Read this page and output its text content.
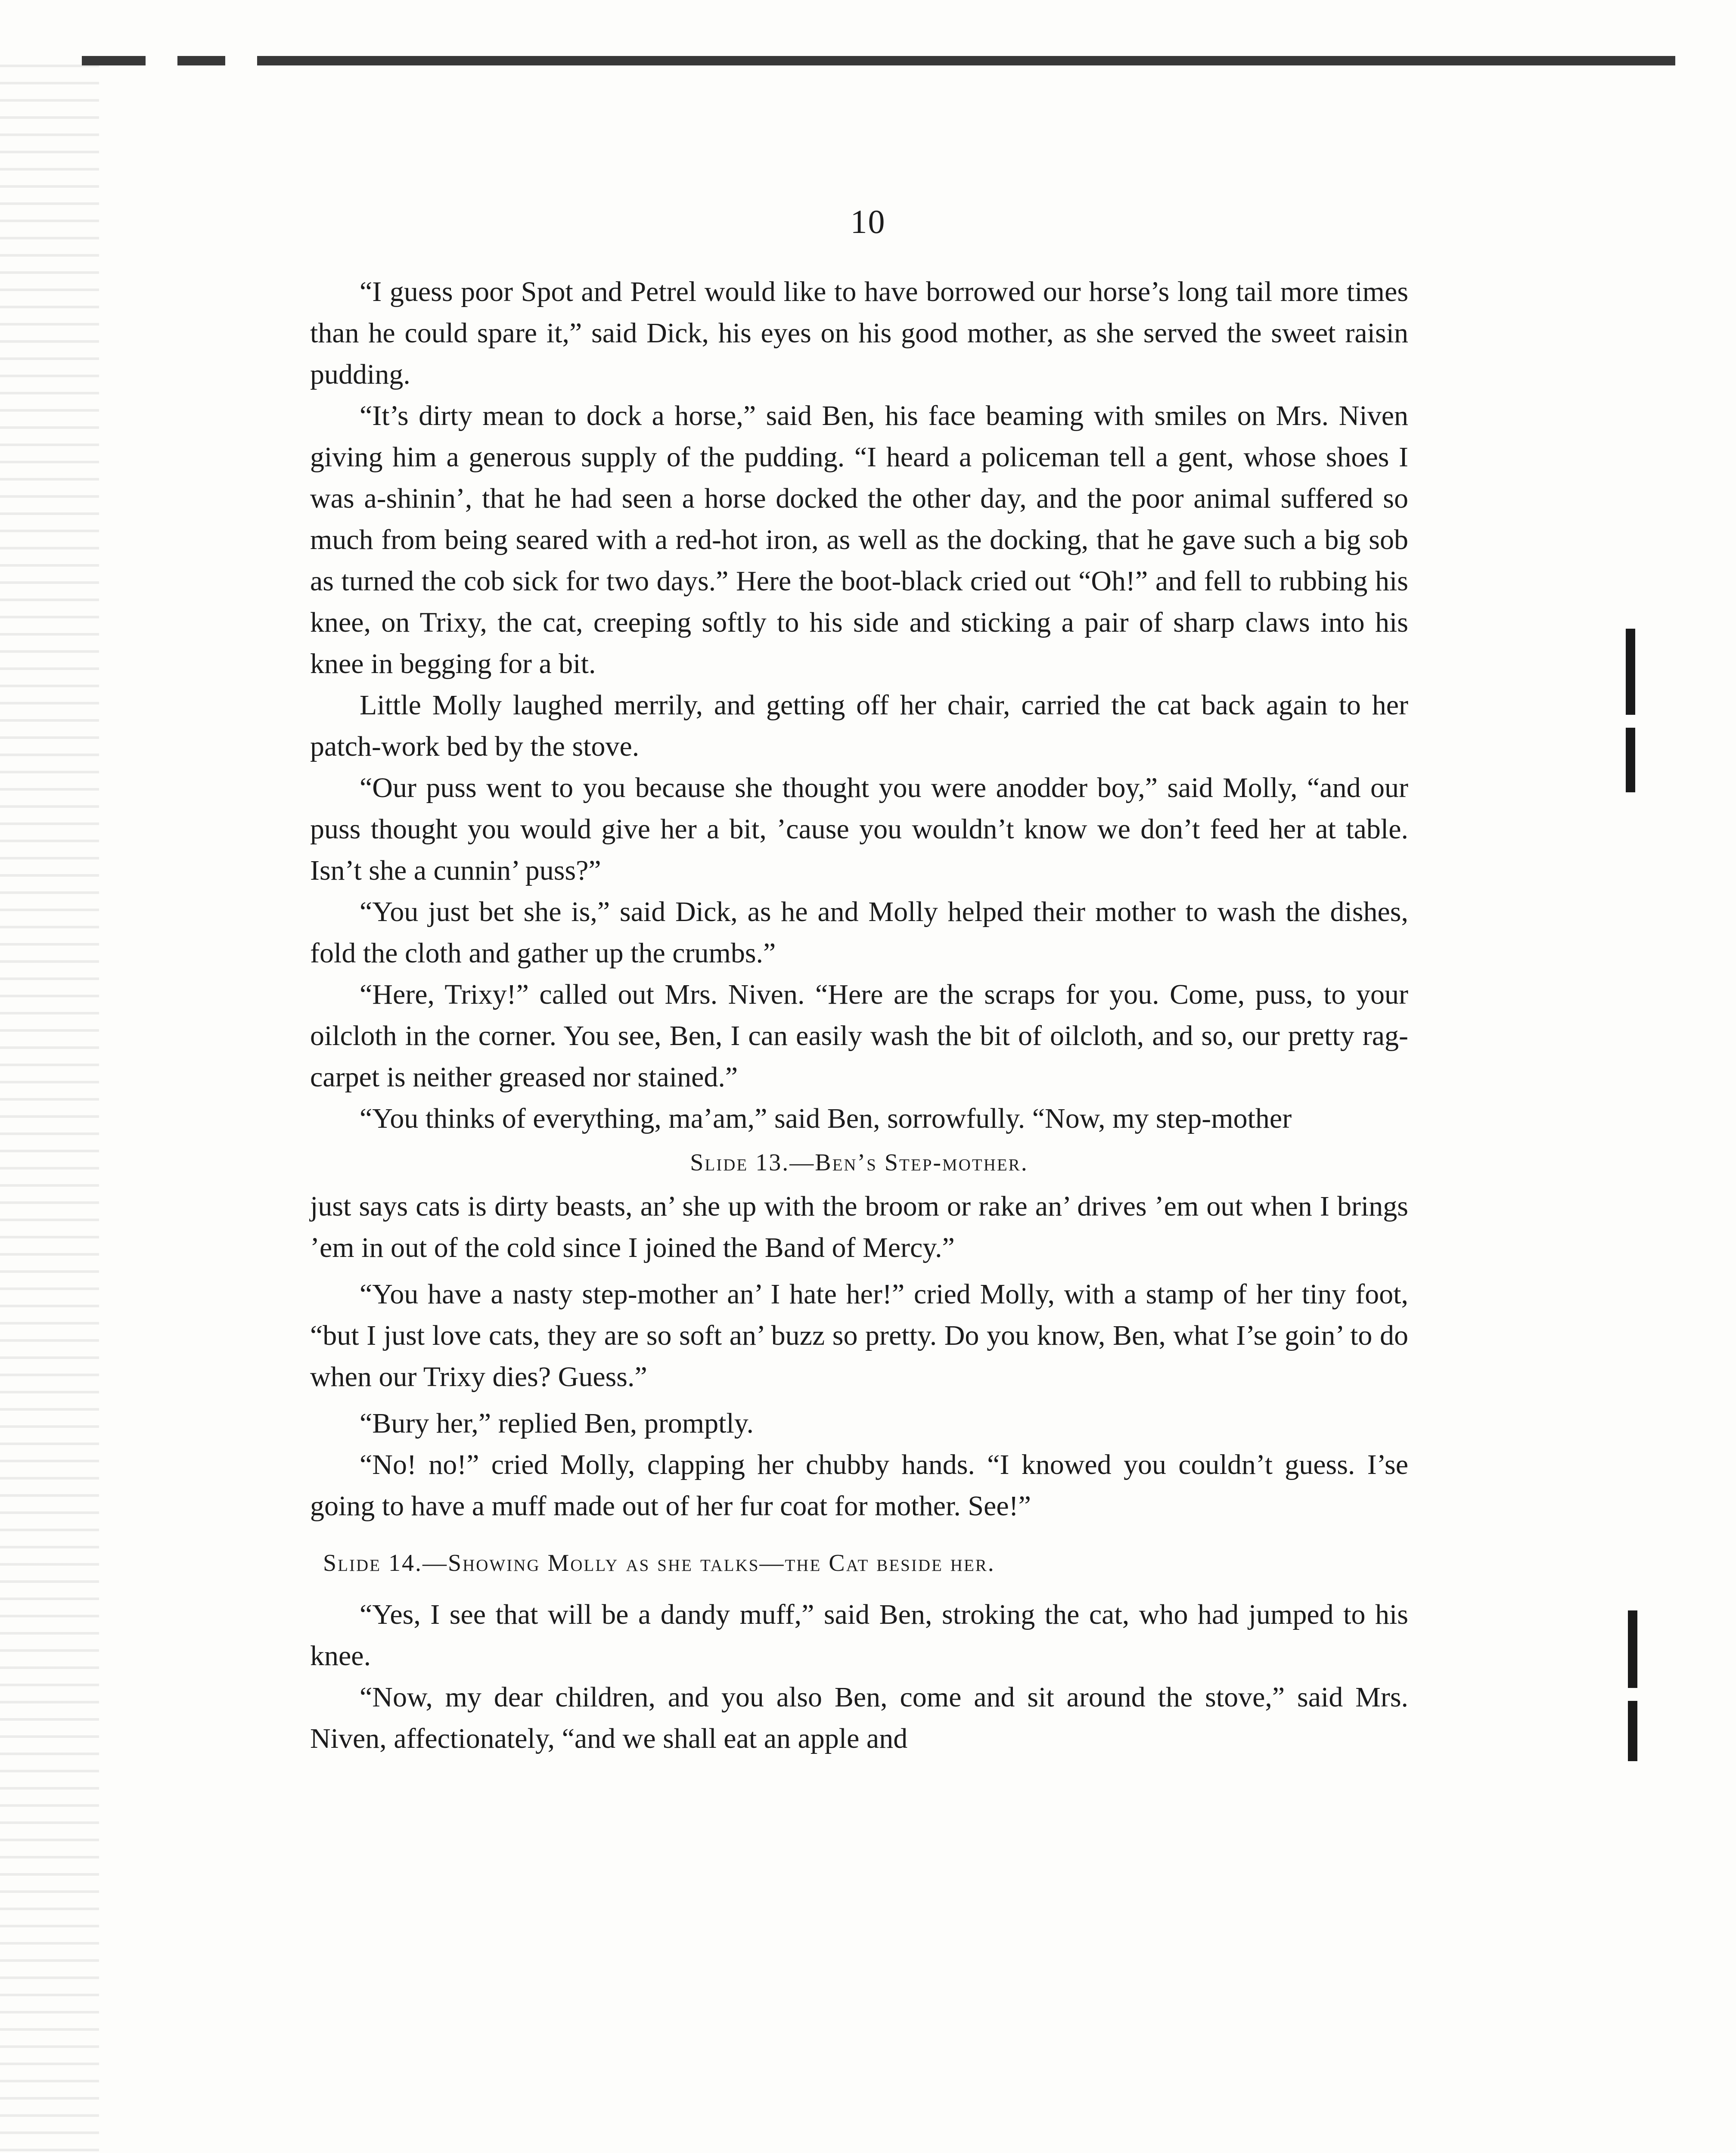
10

“I guess poor Spot and Petrel would like to have borrowed our horse’s long tail more times than he could spare it,” said Dick, his eyes on his good mother, as she served the sweet raisin pudding.

“It’s dirty mean to dock a horse,” said Ben, his face beaming with smiles on Mrs. Niven giving him a generous supply of the pudding. “I heard a policeman tell a gent, whose shoes I was a-shinin’, that he had seen a horse docked the other day, and the poor animal suffered so much from being seared with a red-hot iron, as well as the docking, that he gave such a big sob as turned the cob sick for two days.” Here the boot-black cried out “Oh!” and fell to rubbing his knee, on Trixy, the cat, creeping softly to his side and sticking a pair of sharp claws into his knee in begging for a bit.

Little Molly laughed merrily, and getting off her chair, carried the cat back again to her patch-work bed by the stove.

“Our puss went to you because she thought you were anodder boy,” said Molly, “and our puss thought you would give her a bit, ’cause you wouldn’t know we don’t feed her at table. Isn’t she a cunnin’ puss?”

“You just bet she is,” said Dick, as he and Molly helped their mother to wash the dishes, fold the cloth and gather up the crumbs.”

“Here, Trixy!” called out Mrs. Niven. “Here are the scraps for you. Come, puss, to your oilcloth in the corner. You see, Ben, I can easily wash the bit of oilcloth, and so, our pretty rag-carpet is neither greased nor stained.”

“You thinks of everything, ma’am,” said Ben, sorrowfully. “Now, my step-mother

Slide 13.—Ben’s Step-mother.

just says cats is dirty beasts, an’ she up with the broom or rake an’ drives ’em out when I brings ’em in out of the cold since I joined the Band of Mercy.”

“You have a nasty step-mother an’ I hate her!” cried Molly, with a stamp of her tiny foot, “but I just love cats, they are so soft an’ buzz so pretty. Do you know, Ben, what I’se goin’ to do when our Trixy dies? Guess.”

“Bury her,” replied Ben, promptly.

“No! no!” cried Molly, clapping her chubby hands. “I knowed you couldn’t guess. I’se going to have a muff made out of her fur coat for mother. See!”

Slide 14.—Showing Molly as she talks—the Cat beside her.

“Yes, I see that will be a dandy muff,” said Ben, stroking the cat, who had jumped to his knee.

“Now, my dear children, and you also Ben, come and sit around the stove,” said Mrs. Niven, affectionately, “and we shall eat an apple and
